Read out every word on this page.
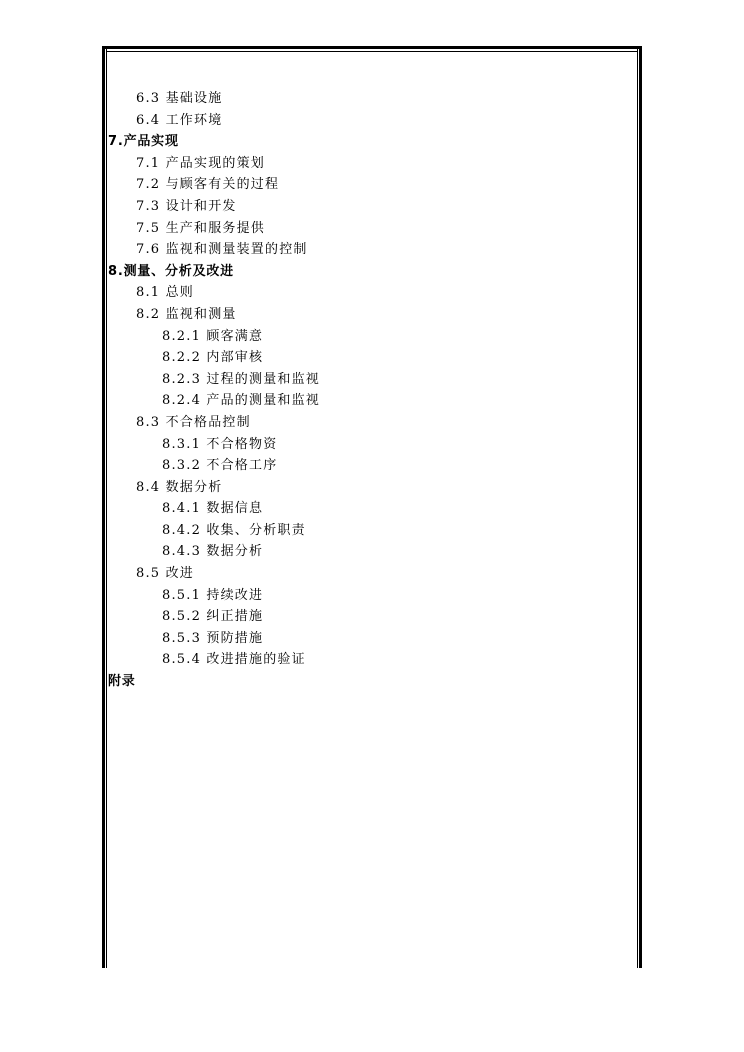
6.3 基础设施
6.4 工作环境
7.产品实现
7.1 产品实现的策划
7.2 与顾客有关的过程
7.3 设计和开发
7.5 生产和服务提供
7.6 监视和测量装置的控制
8.测量、分析及改进
8.1 总则
8.2 监视和测量
8.2.1 顾客满意
8.2.2 内部审核
8.2.3 过程的测量和监视
8.2.4 产品的测量和监视
8.3 不合格品控制
8.3.1 不合格物资
8.3.2 不合格工序
8.4 数据分析
8.4.1 数据信息
8.4.2 收集、分析职责
8.4.3 数据分析
8.5 改进
8.5.1 持续改进
8.5.2 纠正措施
8.5.3 预防措施
8.5.4 改进措施的验证
附录
